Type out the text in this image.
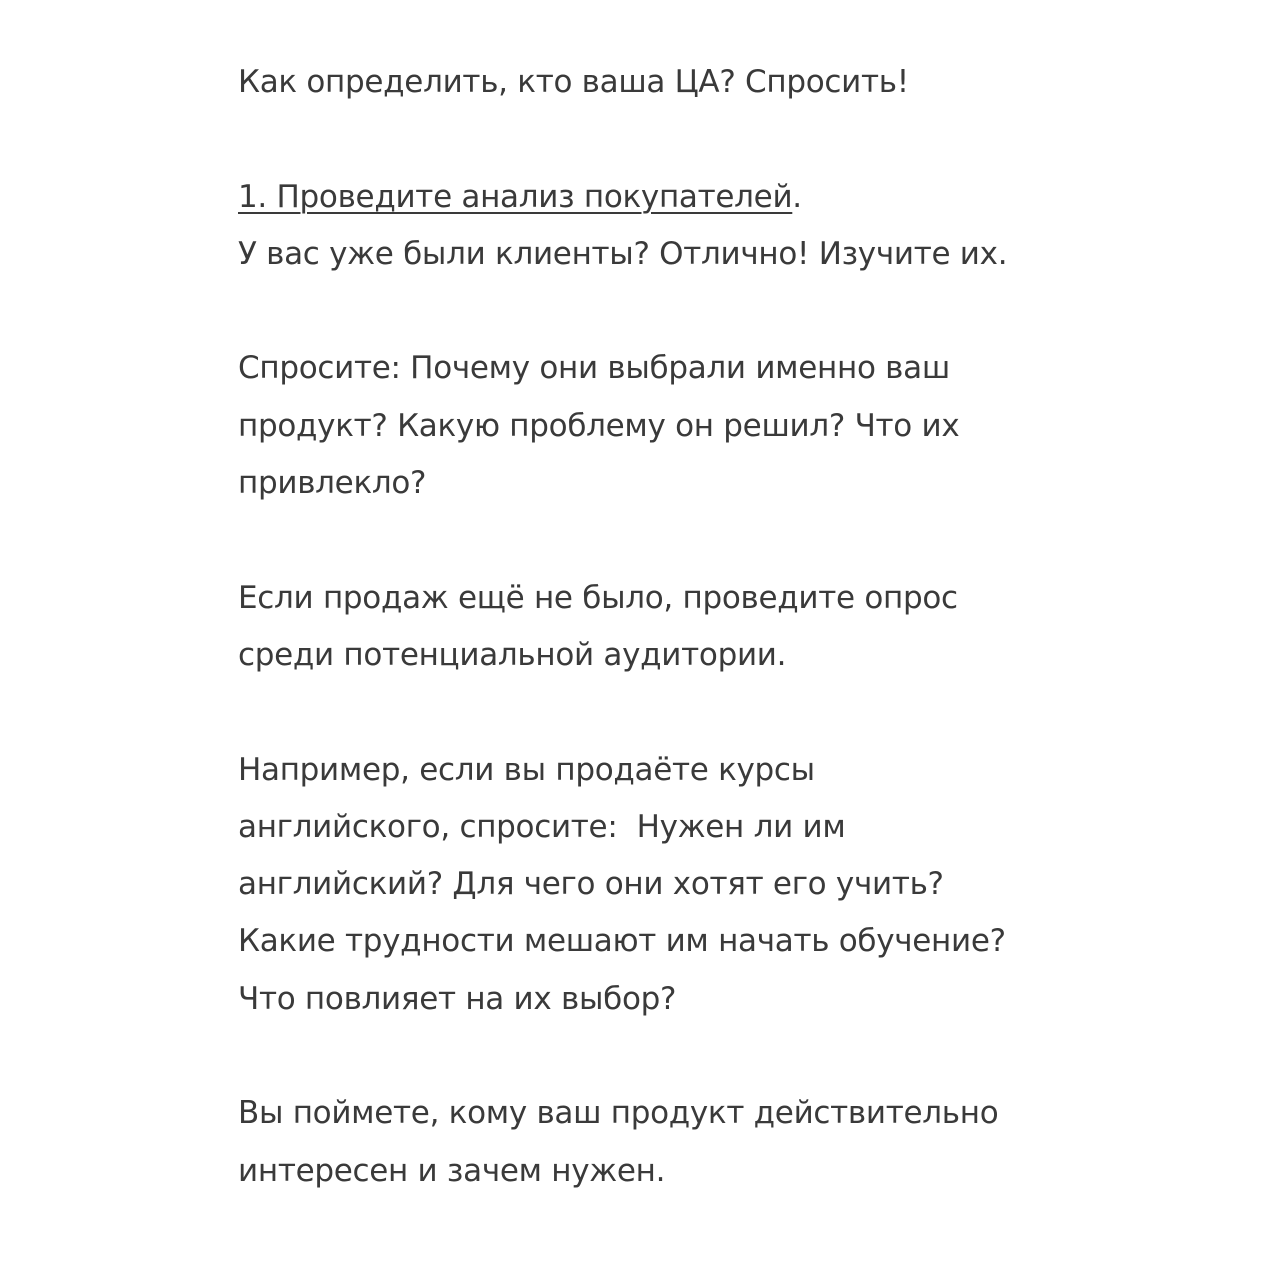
Как определить, кто ваша ЦА? Спросить!
1. Проведите анализ покупателей.
У вас уже были клиенты? Отлично! Изучите их.
Спросите: Почему они выбрали именно ваш
продукт? Какую проблему он решил? Что их
привлекло?
Если продаж ещё не было, проведите опрос
среди потенциальной аудитории.
Например, если вы продаёте курсы
английского, спросите:  Нужен ли им
английский? Для чего они хотят его учить?
Какие трудности мешают им начать обучение?
Что повлияет на их выбор?
Вы поймете, кому ваш продукт действительно
интересен и зачем нужен.
